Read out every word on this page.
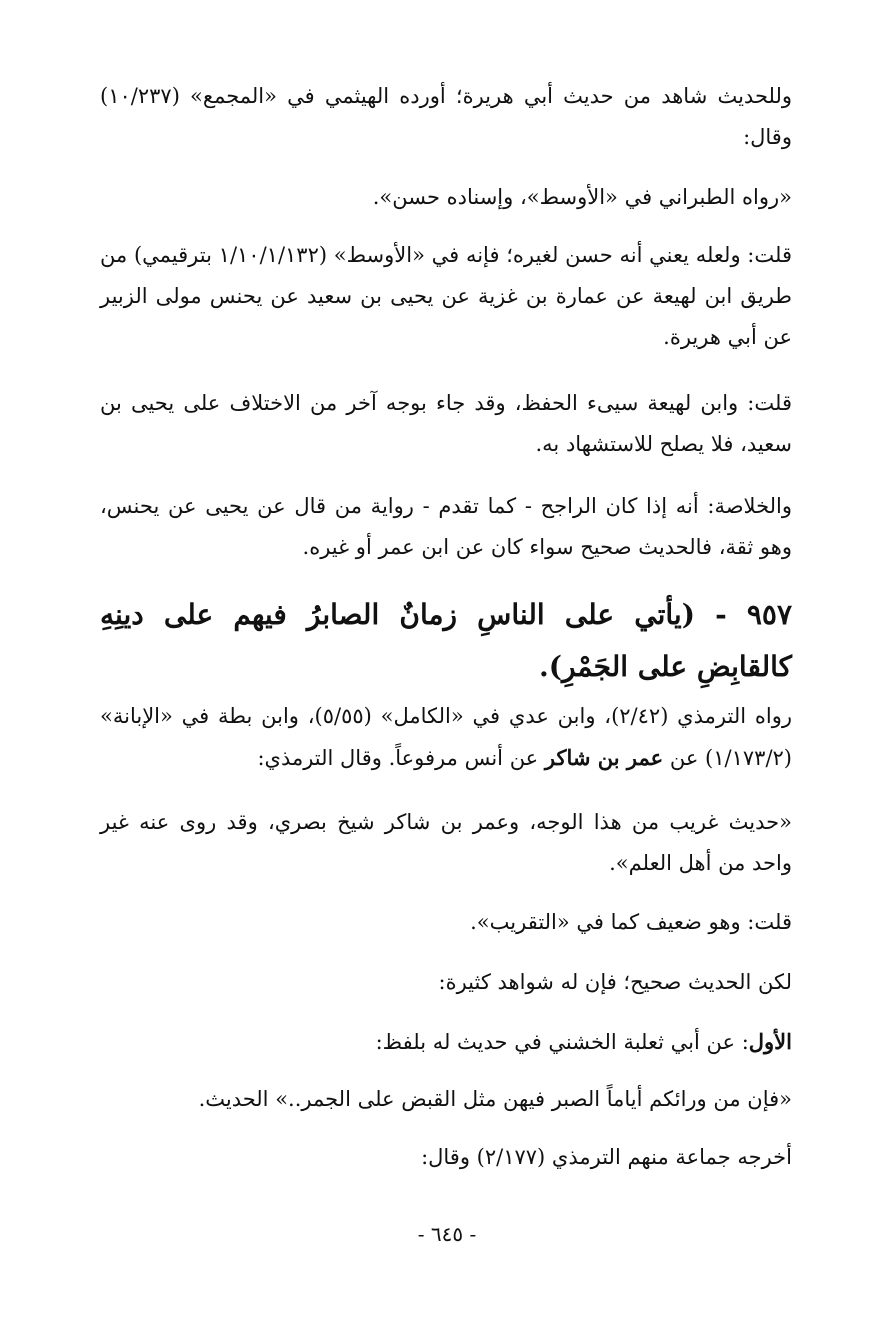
وللحديث شاهد من حديث أبي هريرة؛ أورده الهيثمي في «المجمع» (١٠/٢٣٧) وقال:

«رواه الطبراني في «الأوسط»، وإسناده حسن».

قلت: ولعله يعني أنه حسن لغيره؛ فإنه في «الأوسط» (١/١٠/١/١٣٢ بترقيمي) من طريق ابن لهيعة عن عمارة بن غزية عن يحيى بن سعيد عن يحنس مولى الزبير عن أبي هريرة.

قلت: وابن لهيعة سيىء الحفظ، وقد جاء بوجه آخر من الاختلاف على يحيى بن سعيد، فلا يصلح للاستشهاد به.

والخلاصة: أنه إذا كان الراجح - كما تقدم - رواية من قال عن يحيى عن يحنس، وهو ثقة، فالحديث صحيح سواء كان عن ابن عمر أو غيره.

٩٥٧ - (يأتي على الناسِ زمانٌ الصابرُ فيهم على دينِهِ كالقابِضِ على الجَمْرِ).

رواه الترمذي (٢/٤٢)، وابن عدي في «الكامل» (٥/٥٥)، وابن بطة في «الإبانة» (١/١٧٣/٢) عن عمر بن شاكر عن أنس مرفوعاً. وقال الترمذي:

«حديث غريب من هذا الوجه، وعمر بن شاكر شيخ بصري، وقد روى عنه غير واحد من أهل العلم».

قلت: وهو ضعيف كما في «التقريب».

لكن الحديث صحيح؛ فإن له شواهد كثيرة:

الأول: عن أبي ثعلبة الخشني في حديث له بلفظ:

«فإن من ورائكم أياماً الصبر فيهن مثل القبض على الجمر..» الحديث.

أخرجه جماعة منهم الترمذي (٢/١٧٧) وقال:

- ٦٤٥ -
